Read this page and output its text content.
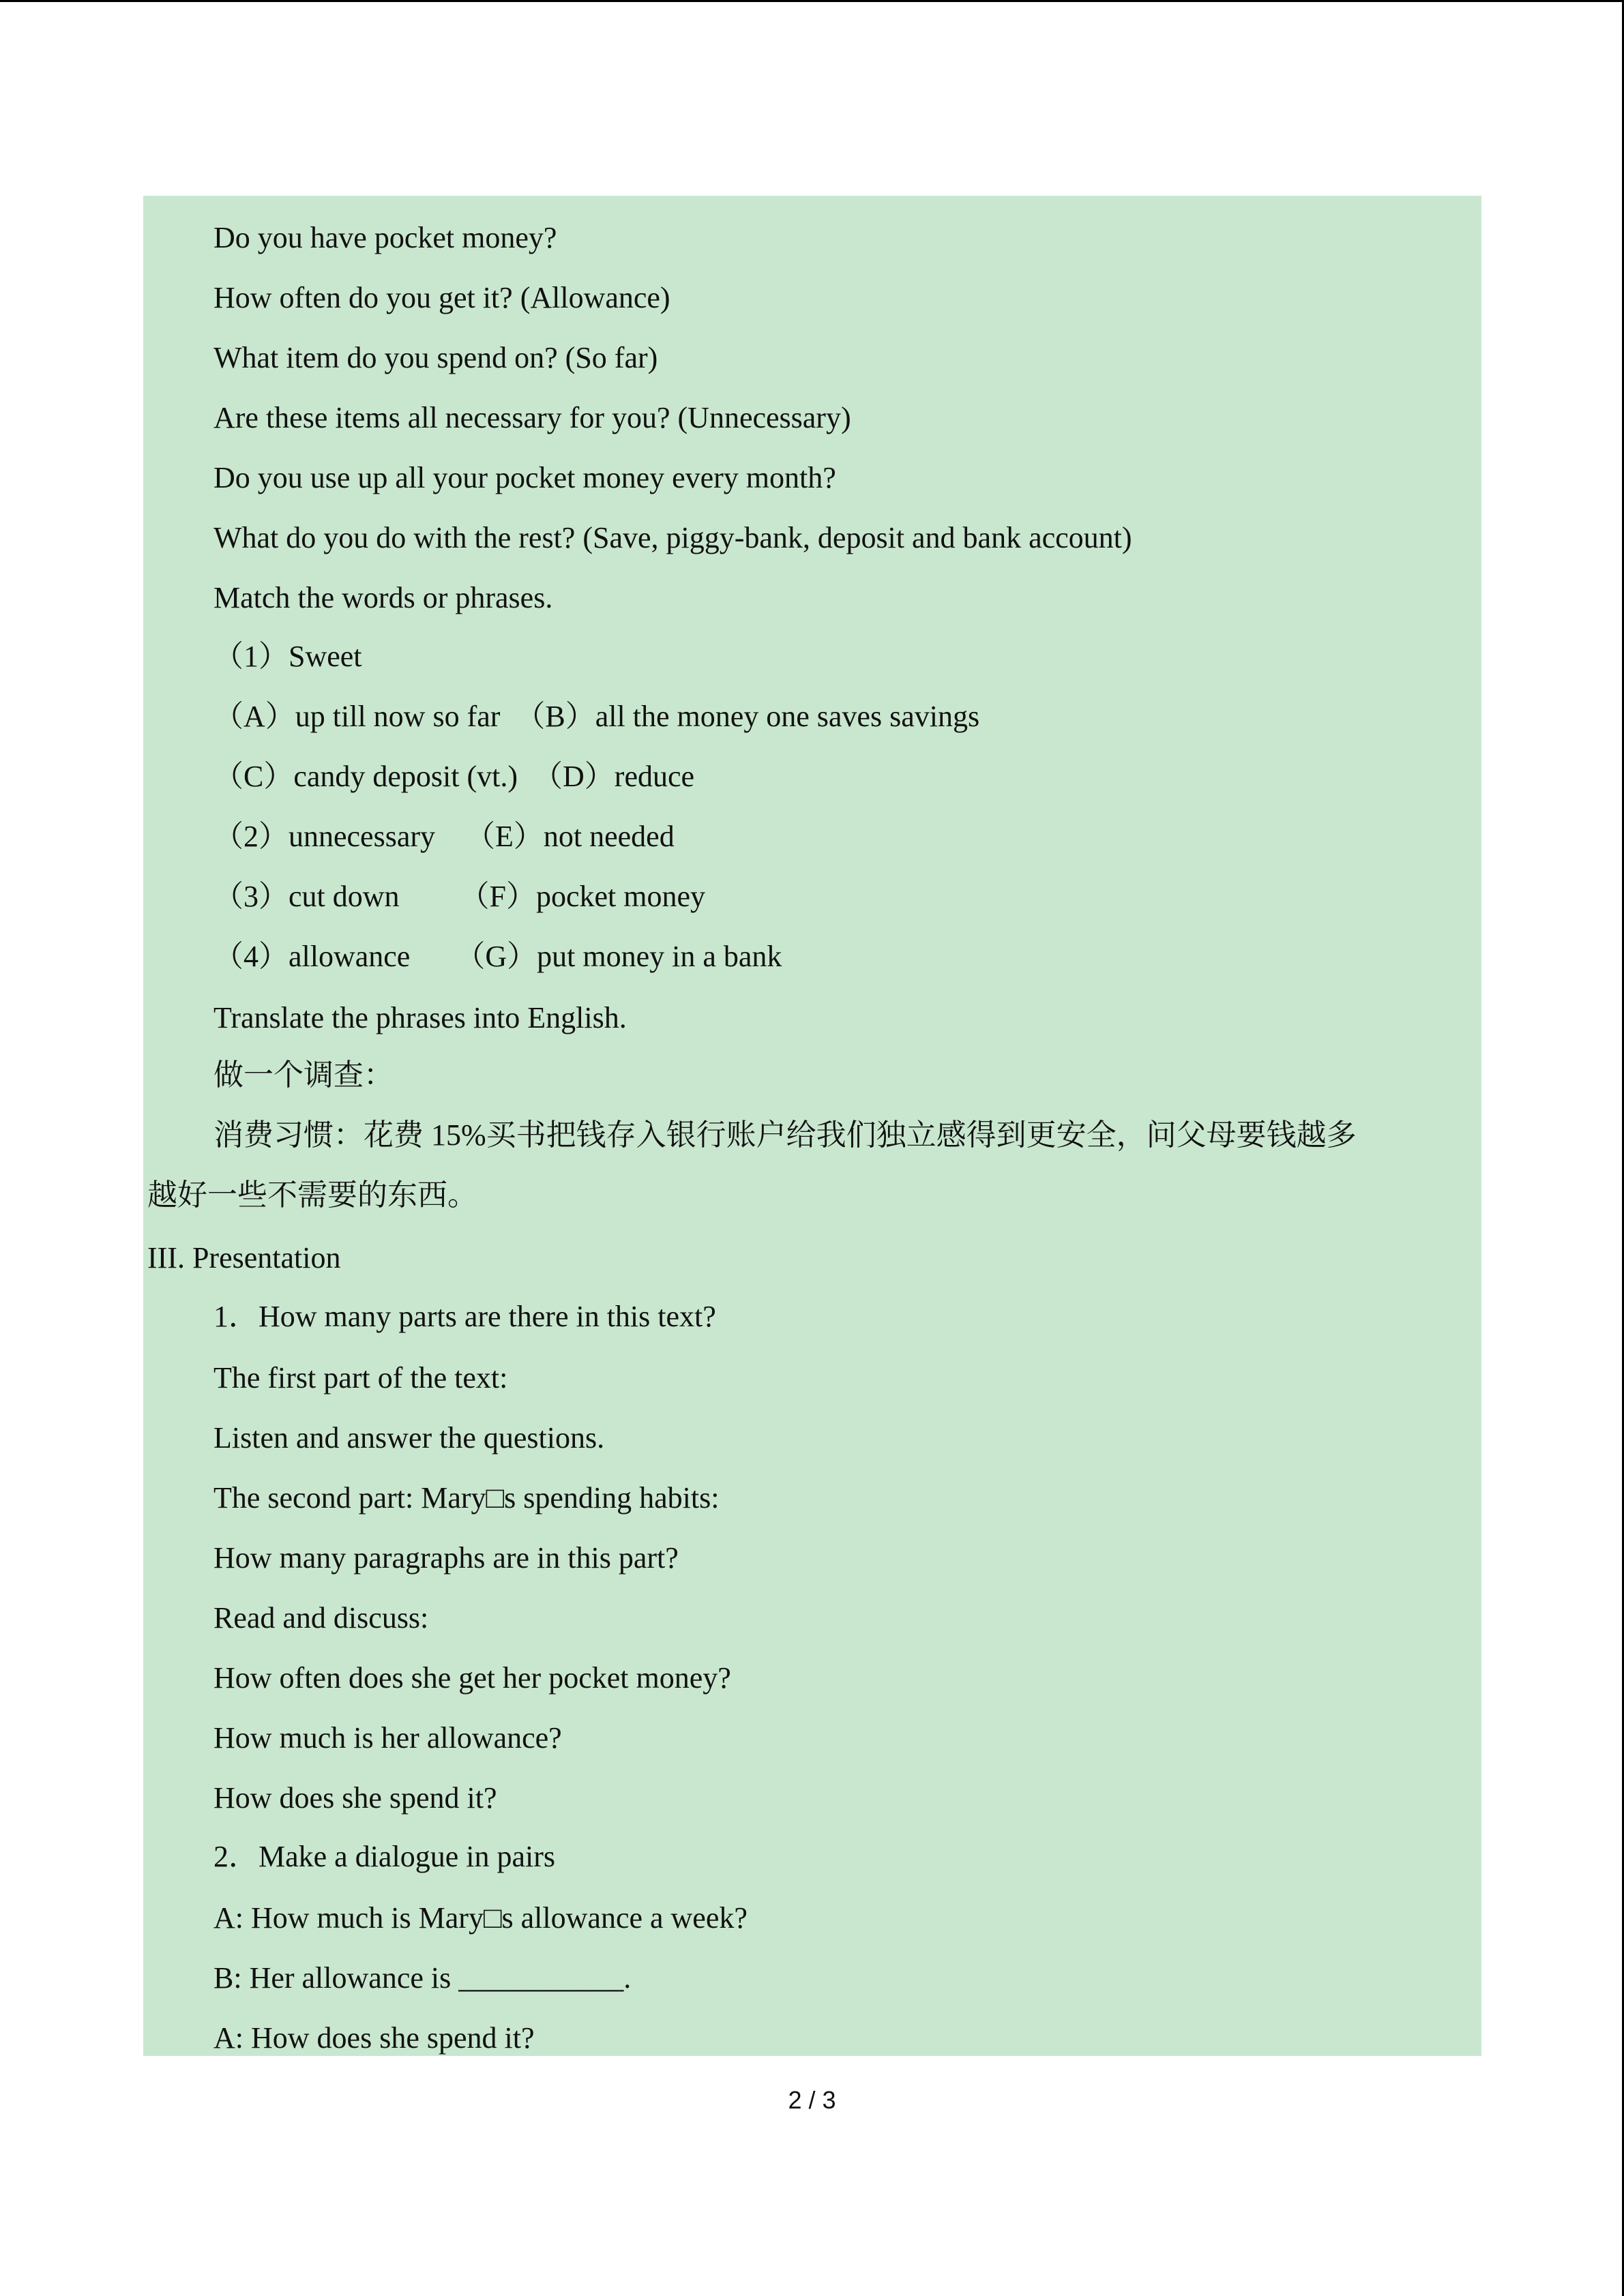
Do you have pocket money?
How often do you get it? (Allowance)
What item do you spend on? (So far)
Are these items all necessary for you? (Unnecessary)
Do you use up all your pocket money every month?
What do you do with the rest? (Save, piggy-bank, deposit and bank account)
Match the words or phrases.
（1）Sweet
（A）up till now so far  （B）all the money one saves savings
（C）candy deposit (vt.)  （D）reduce
（2）unnecessary    （E）not needed
（3）cut down        （F）pocket money
（4）allowance      （G）put money in a bank
Translate the phrases into English.
做一个调查：
消费习惯：花费 15%买书把钱存入银行账户给我们独立感得到更安全，问父母要钱越多
越好一些不需要的东西。
III. Presentation
1．How many parts are there in this text?
The first part of the text:
Listen and answer the questions.
The second part: Mary□s spending habits:
How many paragraphs are in this part?
Read and discuss:
How often does she get her pocket money?
How much is her allowance?
How does she spend it?
2．Make a dialogue in pairs
A: How much is Mary□s allowance a week?
B: Her allowance is ___________.
A: How does she spend it?
2 / 3
